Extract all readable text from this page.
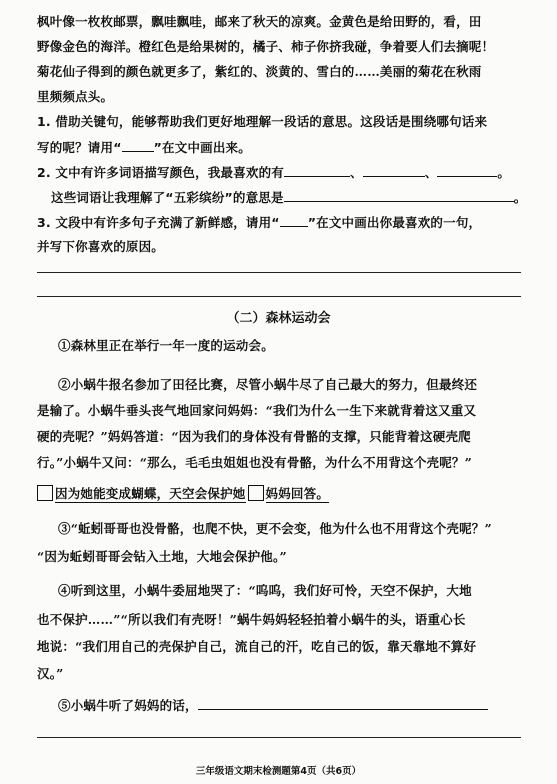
枫叶像一枚枚邮票，飘哇飘哇，邮来了秋天的凉爽。金黄色是给田野的，看，田
野像金色的海洋。橙红色是给果树的，橘子、柿子你挤我碰，争着要人们去摘呢！
菊花仙子得到的颜色就更多了，紫红的、淡黄的、雪白的……美丽的菊花在秋雨
里频频点头。
1. 借助关键句，能够帮助我们更好地理解一段话的意思。这段话是围绕哪句话来
写的呢？请用“	”在文中画出来。
2. 文中有许多词语描写颜色，我最喜欢的有	、	、	。
这些词语让我理解了“五彩缤纷”的意思是	。
3. 文段中有许多句子充满了新鲜感，请用“ ”在文中画出你最喜欢的一句，
并写下你喜欢的原因。
（二）森林运动会
①森林里正在举行一年一度的运动会。
②小蜗牛报名参加了田径比赛，尽管小蜗牛尽了自己最大的努力，但最终还
是输了。小蜗牛垂头丧气地回家问妈妈：“我们为什么一生下来就背着这又重又
硬的壳呢？”妈妈答道：“因为我们的身体没有骨骼的支撑，只能背着这硬壳爬
行。”小蜗牛又问：“那么，毛毛虫姐姐也没有骨骼，为什么不用背这个壳呢？”
因为她能变成蝴蝶，天空会保护她 妈妈回答。
③“蚯蚓哥哥也没骨骼，也爬不快，更不会变，他为什么也不用背这个壳呢？”
“因为蚯蚓哥哥会钻入土地，大地会保护他。”
④听到这里，小蜗牛委屈地哭了：“呜呜，我们好可怜，天空不保护，大地
也不保护……”“所以我们有壳呀！”蜗牛妈妈轻轻拍着小蜗牛的头，语重心长
地说：“我们用自己的壳保护自己，流自己的汗，吃自己的饭，靠天靠地不算好
汉。”
⑤小蜗牛听了妈妈的话，
三年级语文期末检测题第4页（共6页）
